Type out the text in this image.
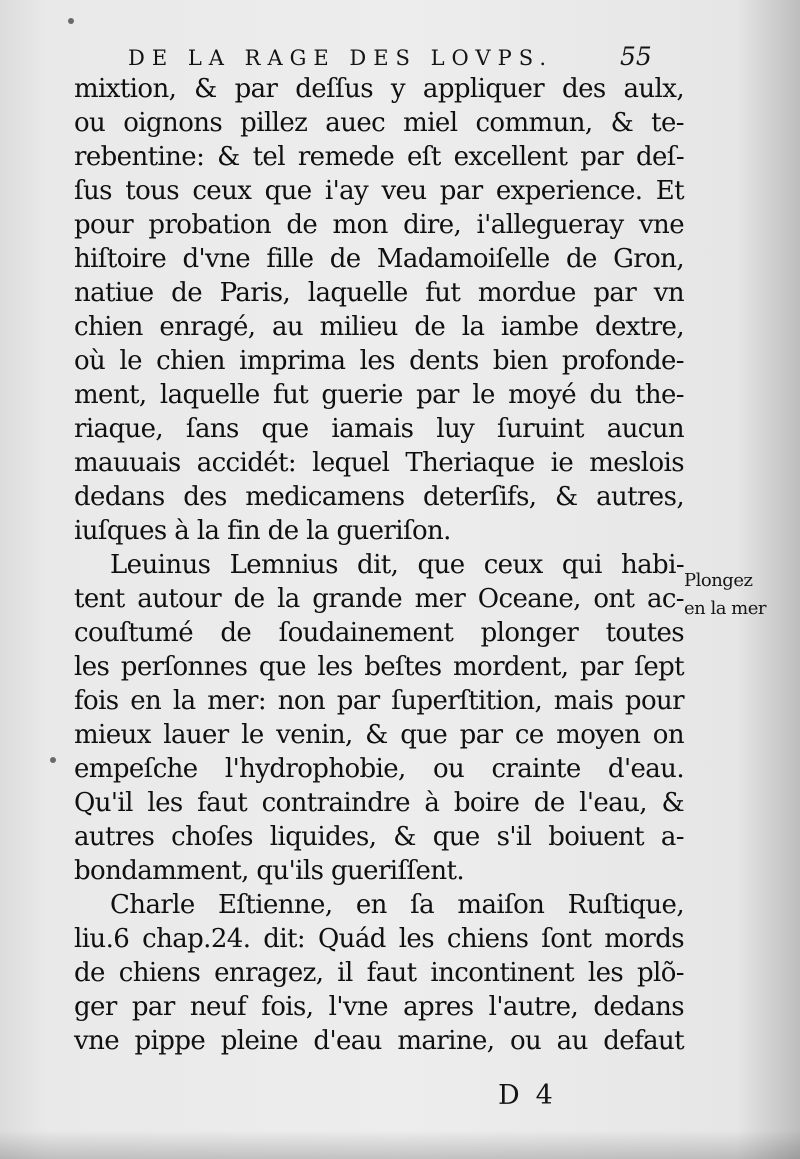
DE LA RAGE DES LOVPS.	55
mixtion, & par deſſus y appliquer des aulx,
ou oignons pillez auec miel commun, & te-
rebentine: & tel remede eſt excellent par deſ-
ſus tous ceux que i'ay veu par experience. Et
pour probation de mon dire, i'allegueray vne
hiſtoire d'vne fille de Madamoiſelle de Gron,
natiue de Paris, laquelle fut mordue par vn
chien enragé, au milieu de la iambe dextre,
où le chien imprima les dents bien profonde-
ment, laquelle fut guerie par le moyé du the-
riaque, ſans que iamais luy ſuruint aucun
mauuais accidét: lequel Theriaque ie meslois
dedans des medicamens deterſifs, & autres,
iuſques à la fin de la gueriſon.
Leuinus Lemnius dit, que ceux qui habi-
tent autour de la grande mer Oceane, ont ac-
couſtumé de ſoudainement plonger toutes
les perſonnes que les beſtes mordent, par ſept
fois en la mer: non par ſuperſtition, mais pour
mieux lauer le venin, & que par ce moyen on
empeſche l'hydrophobie, ou crainte d'eau.
Qu'il les faut contraindre à boire de l'eau, &
autres choſes liquides, & que s'il boiuent a-
bondamment, qu'ils gueriſſent.
Charle Eſtienne, en ſa maiſon Ruſtique,
liu.6 chap.24. dit: Quád les chiens ſont mords
de chiens enragez, il faut incontinent les plõ-
ger par neuf fois, l'vne apres l'autre, dedans
vne pippe pleine d'eau marine, ou au defaut
Plongez
en la mer
D 4
